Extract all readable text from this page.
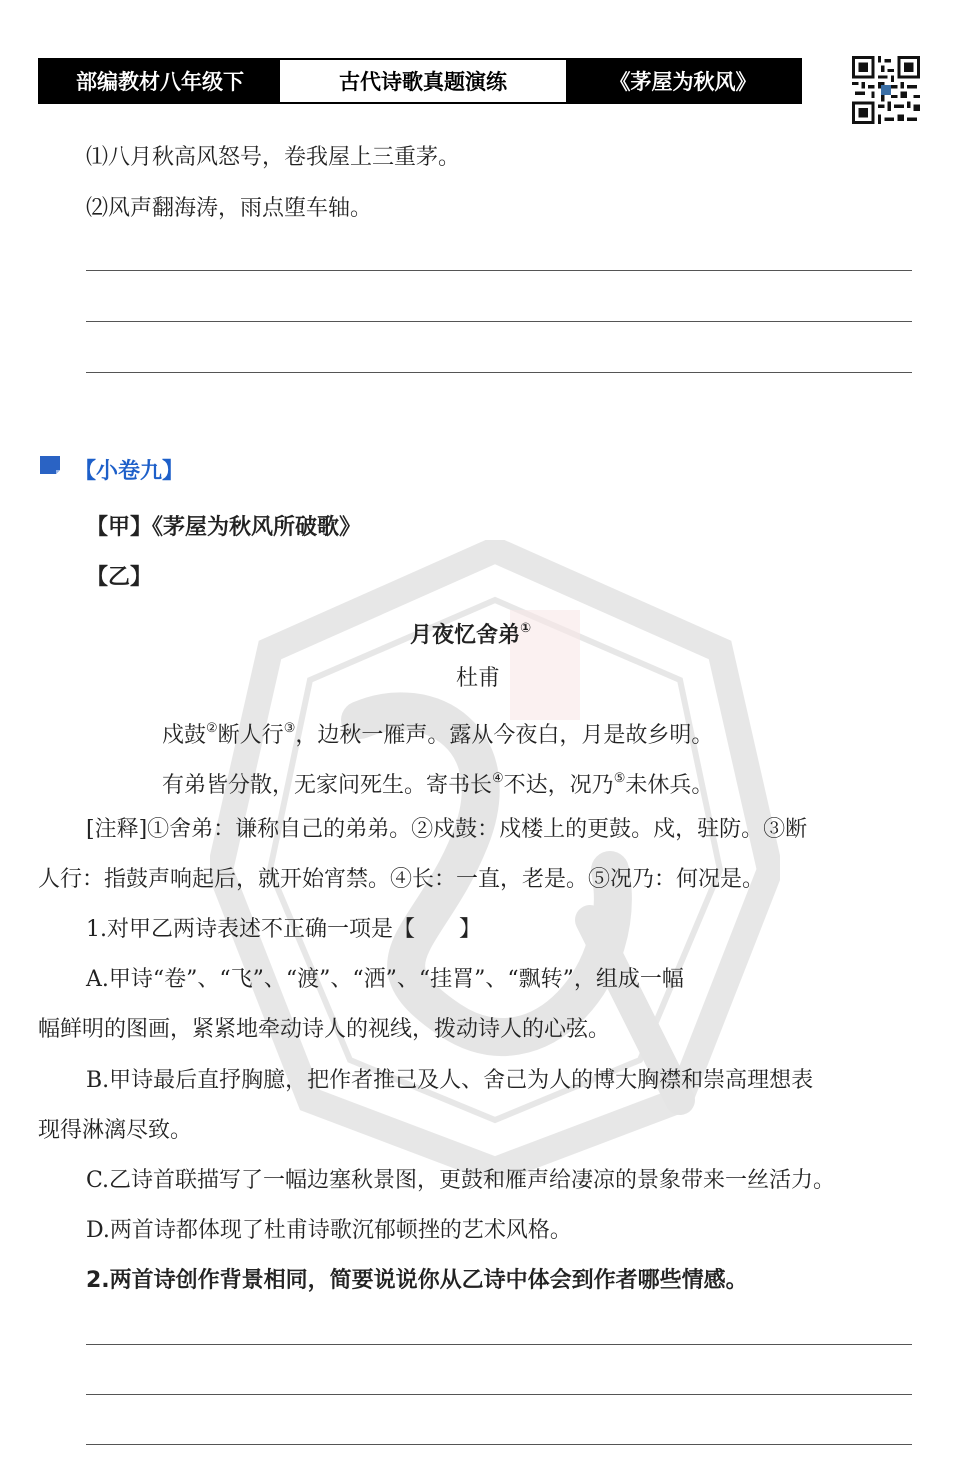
部编教材八年级下	古代诗歌真题演练	《茅屋为秋风》
⑴八月秋高风怒号，卷我屋上三重茅。
⑵风声翻海涛，雨点堕车轴。
【小卷九】
【甲】《茅屋为秋风所破歌》
【乙】
月夜忆舍弟①
杜甫
戍鼓②断人行③，边秋一雁声。露从今夜白，月是故乡明。
有弟皆分散，无家问死生。寄书长④不达，况乃⑤未休兵。
[注释]①舍弟：谦称自己的弟弟。②戍鼓：戍楼上的更鼓。戍，驻防。③断
人行：指鼓声响起后，就开始宵禁。④长：一直，老是。⑤况乃：何况是。
1.对甲乙两诗表述不正确一项是【　　】
A.甲诗“卷”、“飞”、“渡”、“洒”、“挂罥”、“飘转”，组成一幅
幅鲜明的图画，紧紧地牵动诗人的视线，拨动诗人的心弦。
B.甲诗最后直抒胸臆，把作者推己及人、舍己为人的博大胸襟和崇高理想表
现得淋漓尽致。
C.乙诗首联描写了一幅边塞秋景图，更鼓和雁声给凄凉的景象带来一丝活力。
D.两首诗都体现了杜甫诗歌沉郁顿挫的艺术风格。
2.两首诗创作背景相同，简要说说你从乙诗中体会到作者哪些情感。
